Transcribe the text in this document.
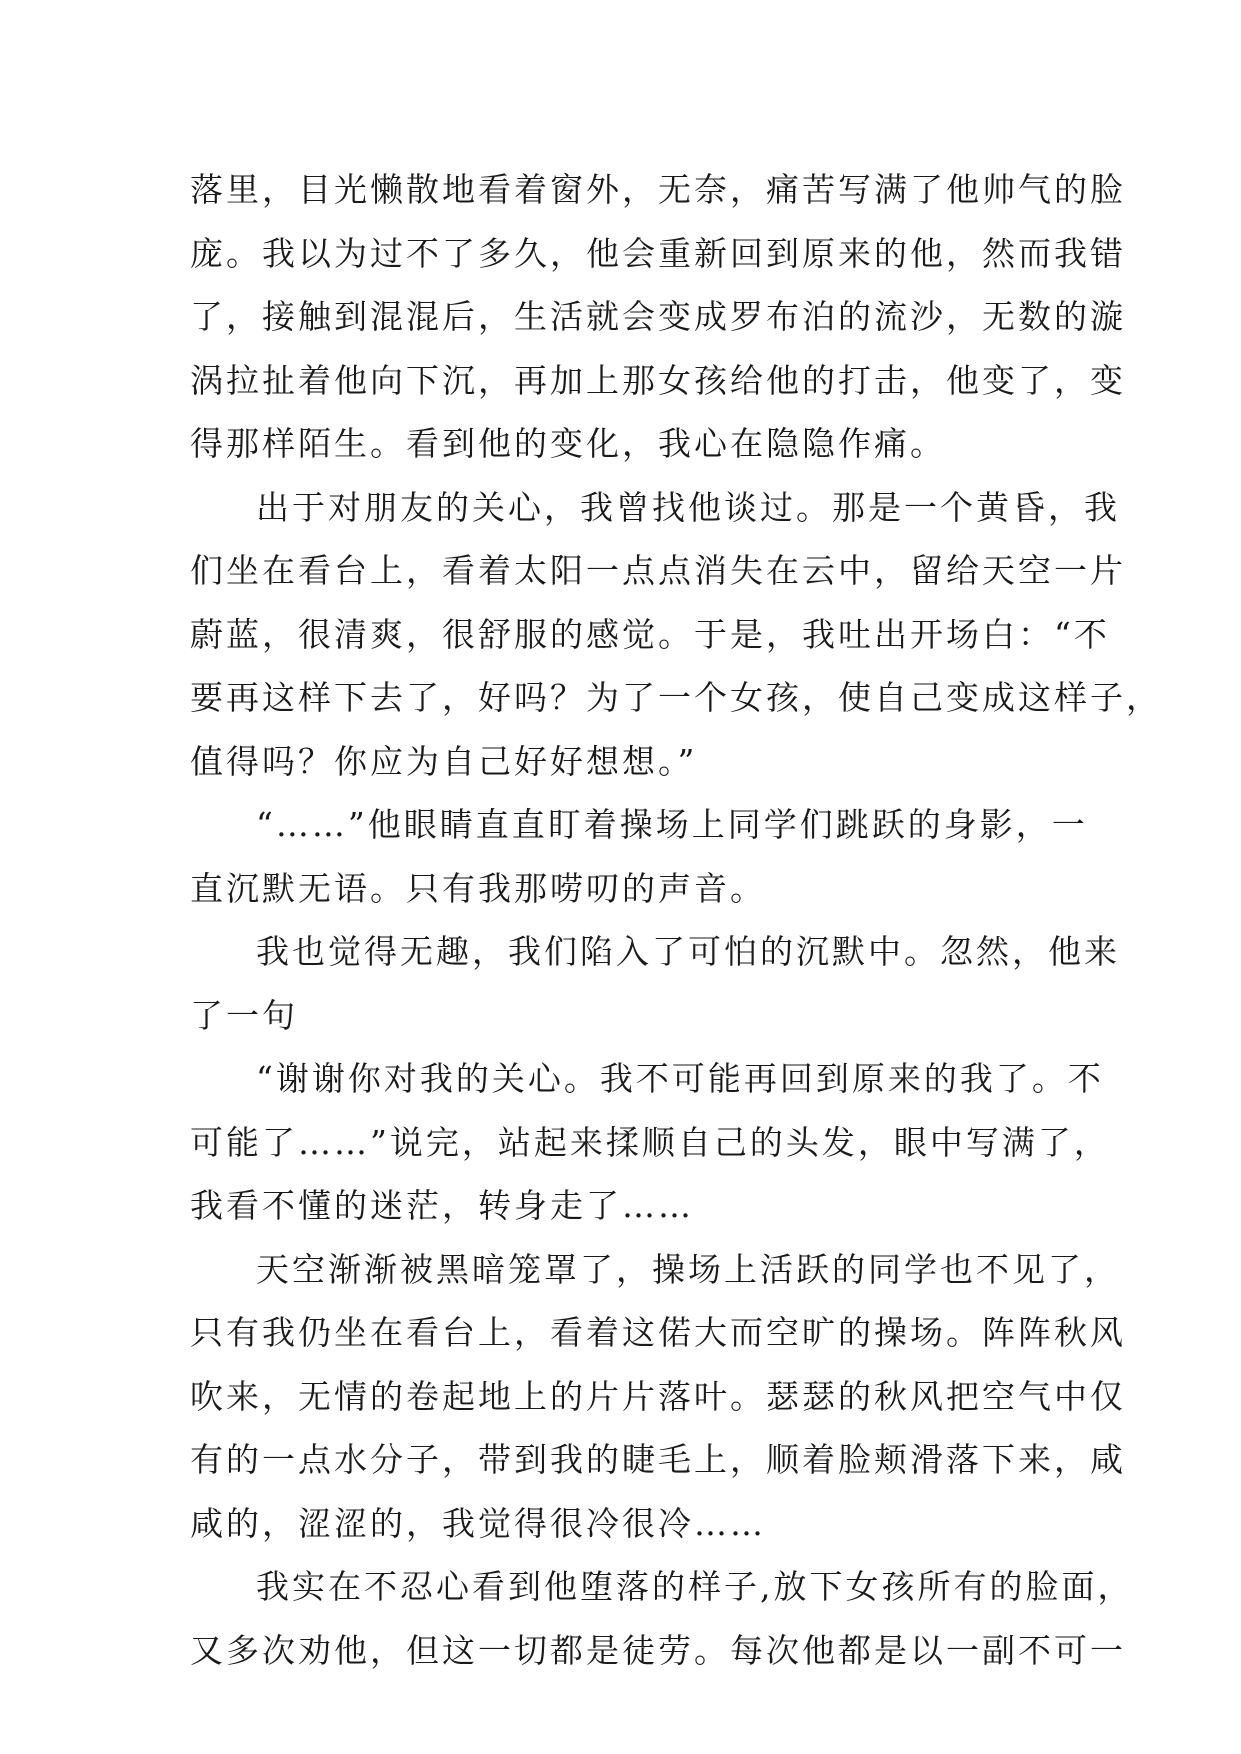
落里，目光懒散地看着窗外，无奈，痛苦写满了他帅气的脸
庞。我以为过不了多久，他会重新回到原来的他，然而我错
了，接触到混混后，生活就会变成罗布泊的流沙，无数的漩
涡拉扯着他向下沉，再加上那女孩给他的打击，他变了，变
得那样陌生。看到他的变化，我心在隐隐作痛。

出于对朋友的关心，我曾找他谈过。那是一个黄昏，我
们坐在看台上，看着太阳一点点消失在云中，留给天空一片
蔚蓝，很清爽，很舒服的感觉。于是，我吐出开场白：“不
要再这样下去了，好吗？为了一个女孩，使自己变成这样子，
值得吗？你应为自己好好想想。”

“……”他眼睛直直盯着操场上同学们跳跃的身影，一
直沉默无语。只有我那唠叨的声音。

我也觉得无趣，我们陷入了可怕的沉默中。忽然，他来
了一句

“谢谢你对我的关心。我不可能再回到原来的我了。不
可能了……”说完，站起来揉顺自己的头发，眼中写满了，
我看不懂的迷茫，转身走了……

天空渐渐被黑暗笼罩了，操场上活跃的同学也不见了，
只有我仍坐在看台上，看着这偌大而空旷的操场。阵阵秋风
吹来，无情的卷起地上的片片落叶。瑟瑟的秋风把空气中仅
有的一点水分子，带到我的睫毛上，顺着脸颊滑落下来，咸
咸的，涩涩的，我觉得很冷很冷……

我实在不忍心看到他堕落的样子,放下女孩所有的脸面，
又多次劝他，但这一切都是徒劳。每次他都是以一副不可一
